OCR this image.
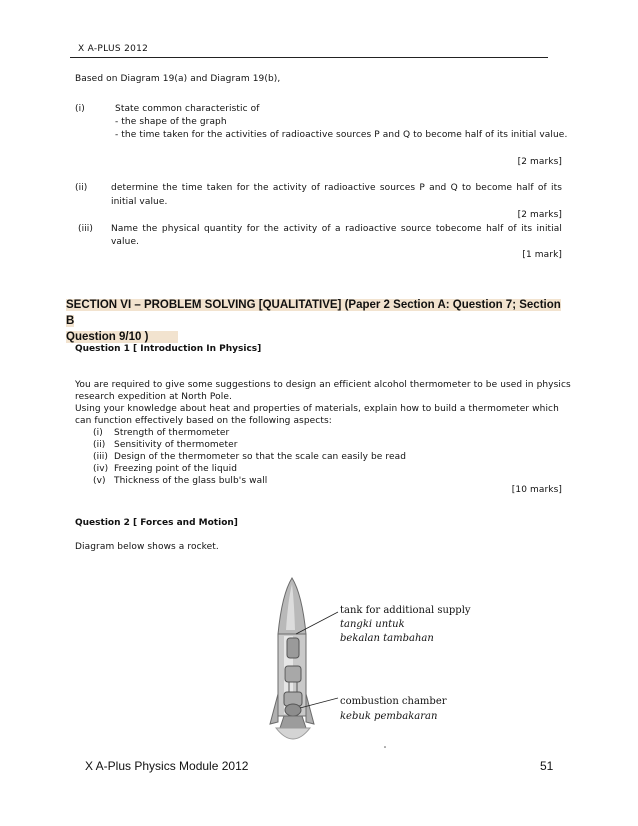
X A-PLUS 2012
Based on Diagram 19(a) and Diagram 19(b),
(i)	State common characteristic of
- the shape of the graph
- the time taken for the activities of radioactive sources P and Q to become half of its initial value.
[2 marks]
(ii)	determine the time taken for the activity of radioactive sources P and Q to become half of its
initial value.
[2 marks]
(iii) Name the physical quantity for the activity of a radioactive source tobecome half of its initial
value.
[1 mark]
SECTION VI – PROBLEM SOLVING [QUALITATIVE] (Paper 2 Section A: Question 7; Section B
Question 9/10 )
Question 1 [ Introduction In Physics]
You are required to give some suggestions to design an efficient alcohol thermometer to be used in physics
research expedition at North Pole.
Using your knowledge about heat and properties of materials, explain how to build a thermometer which
can function effectively based on the following aspects:
(i) Strength of thermometer
(ii) Sensitivity of thermometer
(iii) Design of the thermometer so that the scale can easily be read
(iv) Freezing point of the liquid
(v) Thickness of the glass bulb's wall
[10 marks]
Question 2 [ Forces and Motion]
Diagram below shows a rocket.
tank for additional supply
tangki untuk
bekalan tambahan
combustion chamber
kebuk pembakaran
X A-Plus Physics Module 2012	51
